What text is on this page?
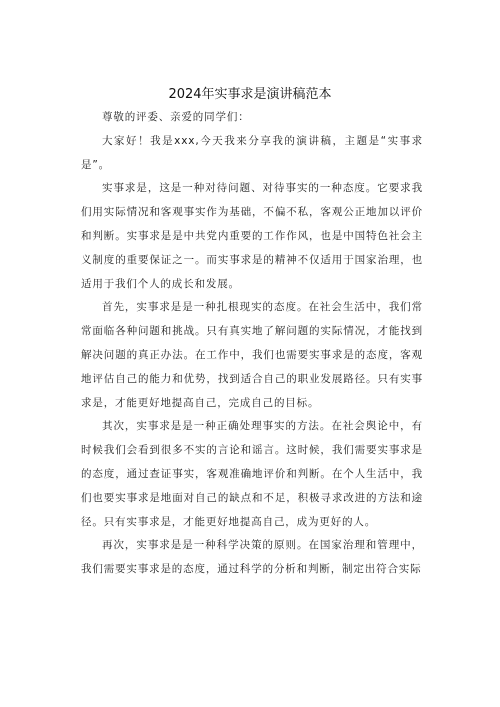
2024年实事求是演讲稿范本

尊敬的评委、亲爱的同学们：

大家好！我是xxx,今天我来分享我的演讲稿，主题是“实事求是”。

实事求是，这是一种对待问题、对待事实的一种态度。它要求我们用实际情况和客观事实作为基础，不偏不私，客观公正地加以评价和判断。实事求是是中共党内重要的工作作风，也是中国特色社会主义制度的重要保证之一。而实事求是的精神不仅适用于国家治理，也适用于我们个人的成长和发展。

首先，实事求是是一种扎根现实的态度。在社会生活中，我们常常面临各种问题和挑战。只有真实地了解问题的实际情况，才能找到解决问题的真正办法。在工作中，我们也需要实事求是的态度，客观地评估自己的能力和优势，找到适合自己的职业发展路径。只有实事求是，才能更好地提高自己，完成自己的目标。

其次，实事求是是一种正确处理事实的方法。在社会舆论中，有时候我们会看到很多不实的言论和谣言。这时候，我们需要实事求是的态度，通过查证事实，客观准确地评价和判断。在个人生活中，我们也要实事求是地面对自己的缺点和不足，积极寻求改进的方法和途径。只有实事求是，才能更好地提高自己，成为更好的人。

再次，实事求是是一种科学决策的原则。在国家治理和管理中，我们需要实事求是的态度，通过科学的分析和判断，制定出符合实际
